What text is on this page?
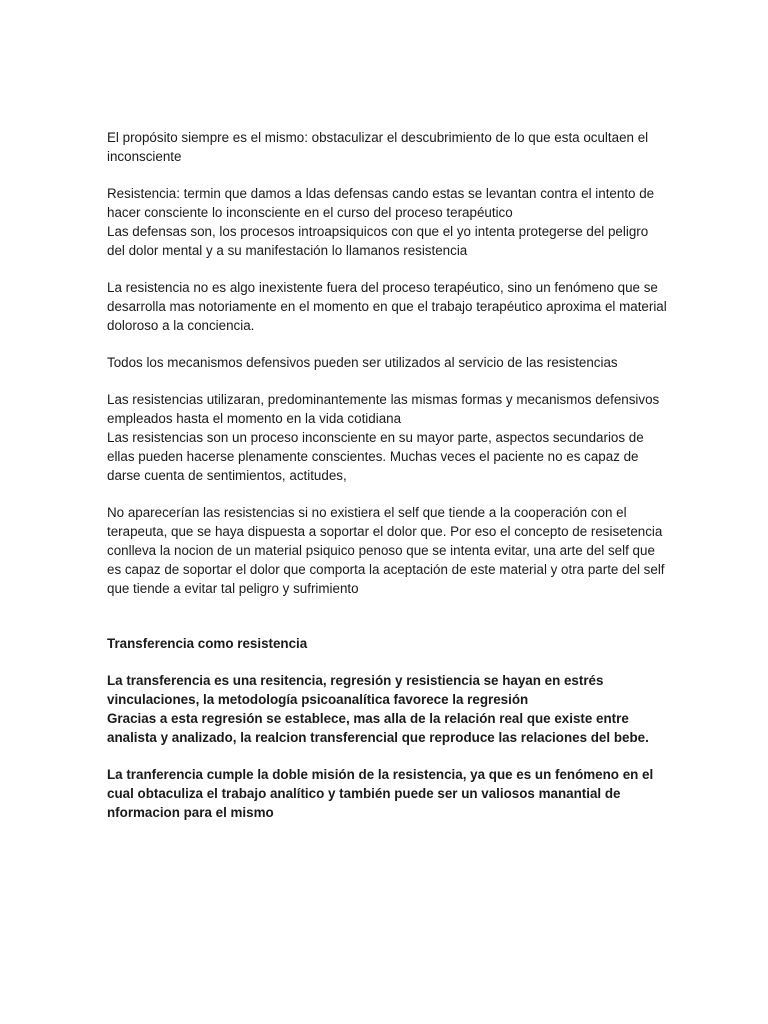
El propósito siempre es el mismo: obstaculizar el descubrimiento de lo que esta ocultaen el inconsciente

Resistencia: termin que damos a ldas defensas cando estas se levantan contra el intento de hacer consciente lo inconsciente en el curso del proceso terapéutico

Las defensas son, los procesos introapsiquicos con que el yo intenta protegerse del peligro del dolor mental y a su manifestación lo llamanos resistencia

La resistencia no es algo inexistente fuera del proceso terapéutico, sino un fenómeno que se desarrolla mas notoriamente en el momento en que el trabajo terapéutico aproxima el material doloroso a la conciencia.

Todos los mecanismos defensivos pueden ser utilizados al servicio de las resistencias

Las resistencias utilizaran, predominantemente las mismas formas y mecanismos defensivos empleados hasta el momento en la vida cotidiana

Las resistencias son un proceso inconsciente en su mayor parte, aspectos secundarios de ellas pueden hacerse plenamente conscientes. Muchas veces el paciente no es capaz de darse cuenta de sentimientos, actitudes,

No aparecerían las resistencias si no existiera el self que tiende a la cooperación con el terapeuta, que se haya dispuesta a soportar el dolor que. Por eso el concepto de resisetencia conlleva la nocion de un material psiquico penoso que se intenta evitar, una arte del self que es capaz de soportar el dolor que comporta la aceptación de este material y otra parte del self que tiende a evitar tal peligro y sufrimiento

Transferencia como resistencia

La transferencia es una resitencia, regresión y resistiencia se hayan en estrés vinculaciones, la metodología psicoanalítica favorece la regresión

Gracias a esta regresión se establece, mas alla de la relación real que existe entre analista y analizado, la realcion transferencial que reproduce las relaciones del bebe.

La tranferencia cumple la doble misión de la resistencia, ya que es un fenómeno en el cual obtaculiza el trabajo analítico y también puede ser un valiosos manantial de nformacion para el mismo
